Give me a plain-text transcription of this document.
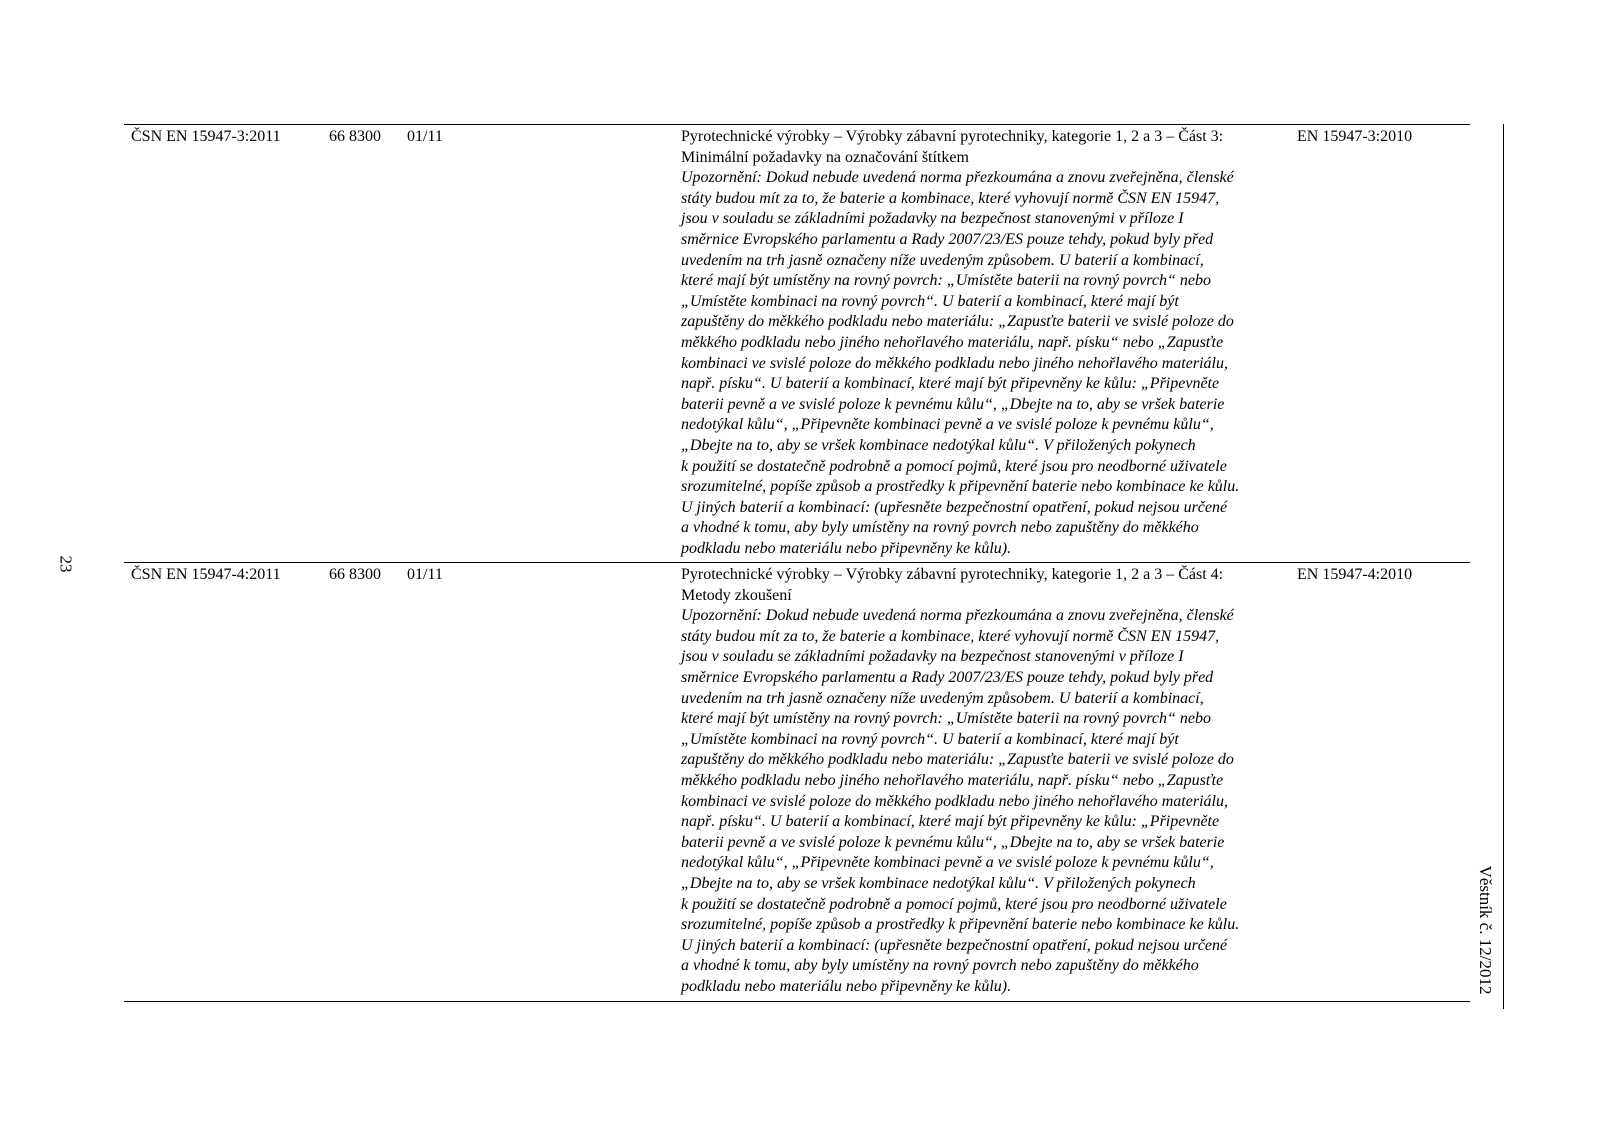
23
Věstník č. 12/2012
ČSN EN 15947-3:2011	66 8300 01/11	Pyrotechnické výrobky – Výrobky zábavní pyrotechniky, kategorie 1, 2 a 3 – Část 3:
Minimální požadavky na označování štítkem
Upozornění: Dokud nebude uvedená norma přezkoumána a znovu zveřejněna, členské
státy budou mít za to, že baterie a kombinace, které vyhovují normě ČSN EN 15947,
jsou v souladu se základními požadavky na bezpečnost stanovenými v příloze I
směrnice Evropského parlamentu a Rady 2007/23/ES pouze tehdy, pokud byly před
uvedením na trh jasně označeny níže uvedeným způsobem. U baterií a kombinací,
které mají být umístěny na rovný povrch: „Umístěte baterii na rovný povrch“ nebo
„Umístěte kombinaci na rovný povrch“. U baterií a kombinací, které mají být
zapuštěny do měkkého podkladu nebo materiálu: „Zapusťte baterii ve svislé poloze do
měkkého podkladu nebo jiného nehořlavého materiálu, např. písku“ nebo „Zapusťte
kombinaci ve svislé poloze do měkkého podkladu nebo jiného nehořlavého materiálu,
např. písku“. U baterií a kombinací, které mají být připevněny ke kůlu: „Připevněte
baterii pevně a ve svislé poloze k pevnému kůlu“, „Dbejte na to, aby se vršek baterie
nedotýkal kůlu“, „Připevněte kombinaci pevně a ve svislé poloze k pevnému kůlu“,
„Dbejte na to, aby se vršek kombinace nedotýkal kůlu“. V přiložených pokynech
k použití se dostatečně podrobně a pomocí pojmů, které jsou pro neodborné uživatele
srozumitelné, popíše způsob a prostředky k připevnění baterie nebo kombinace ke kůlu.
U jiných baterií a kombinací: (upřesněte bezpečnostní opatření, pokud nejsou určené
a vhodné k tomu, aby byly umístěny na rovný povrch nebo zapuštěny do měkkého
podkladu nebo materiálu nebo připevněny ke kůlu).
EN 15947-3:2010
ČSN EN 15947-4:2011	66 8300 01/11	Pyrotechnické výrobky – Výrobky zábavní pyrotechniky, kategorie 1, 2 a 3 – Část 4:
Metody zkoušení
Upozornění: Dokud nebude uvedená norma přezkoumána a znovu zveřejněna, členské
státy budou mít za to, že baterie a kombinace, které vyhovují normě ČSN EN 15947,
jsou v souladu se základními požadavky na bezpečnost stanovenými v příloze I
směrnice Evropského parlamentu a Rady 2007/23/ES pouze tehdy, pokud byly před
uvedením na trh jasně označeny níže uvedeným způsobem. U baterií a kombinací,
které mají být umístěny na rovný povrch: „Umístěte baterii na rovný povrch“ nebo
„Umístěte kombinaci na rovný povrch“. U baterií a kombinací, které mají být
zapuštěny do měkkého podkladu nebo materiálu: „Zapusťte baterii ve svislé poloze do
měkkého podkladu nebo jiného nehořlavého materiálu, např. písku“ nebo „Zapusťte
kombinaci ve svislé poloze do měkkého podkladu nebo jiného nehořlavého materiálu,
např. písku“. U baterií a kombinací, které mají být připevněny ke kůlu: „Připevněte
baterii pevně a ve svislé poloze k pevnému kůlu“, „Dbejte na to, aby se vršek baterie
nedotýkal kůlu“, „Připevněte kombinaci pevně a ve svislé poloze k pevnému kůlu“,
„Dbejte na to, aby se vršek kombinace nedotýkal kůlu“. V přiložených pokynech
k použití se dostatečně podrobně a pomocí pojmů, které jsou pro neodborné uživatele
srozumitelné, popíše způsob a prostředky k připevnění baterie nebo kombinace ke kůlu.
U jiných baterií a kombinací: (upřesněte bezpečnostní opatření, pokud nejsou určené
a vhodné k tomu, aby byly umístěny na rovný povrch nebo zapuštěny do měkkého
podkladu nebo materiálu nebo připevněny ke kůlu).
EN 15947-4:2010
